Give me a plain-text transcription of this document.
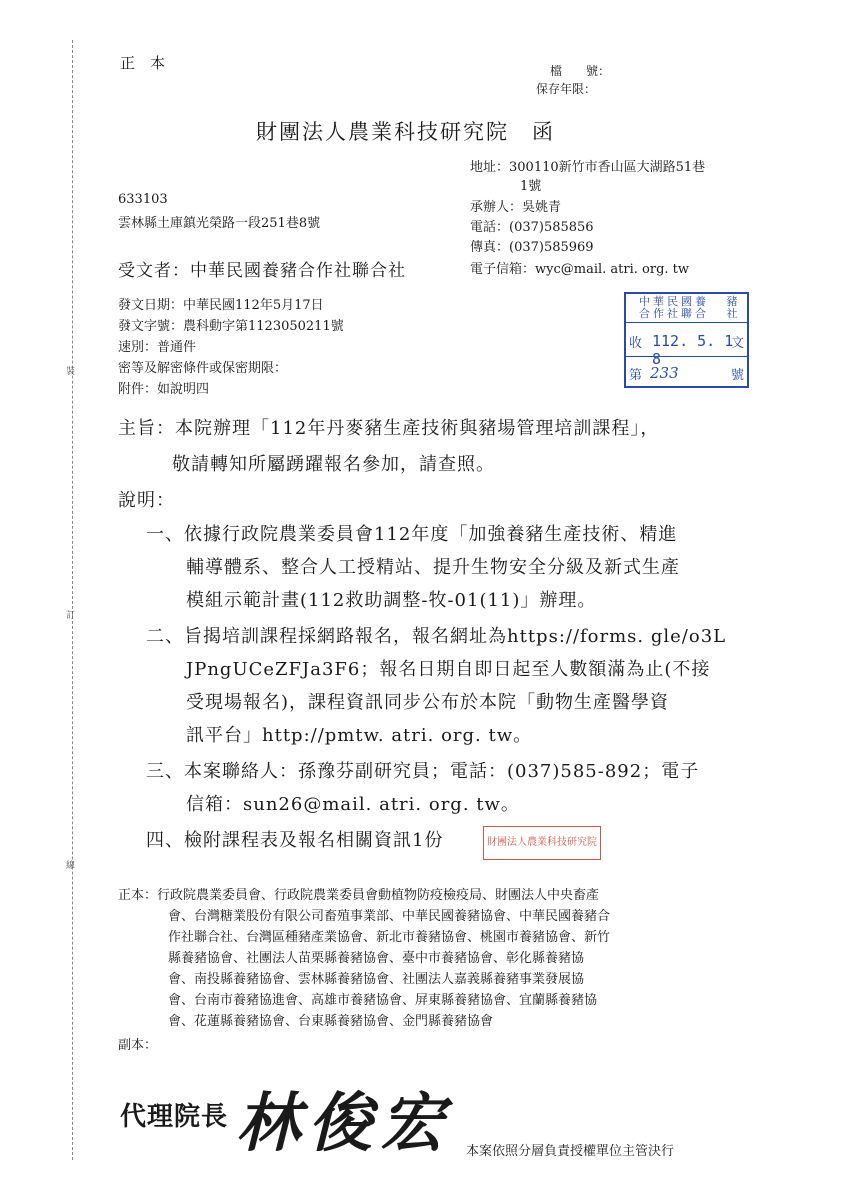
裝
訂
線
正　本	檔　　號：
保存年限：
財團法人農業科技研究院　函
地址：300110新竹市香山區大湖路51巷
1號
承辦人：吳姚青
電話：(037)585856
傳真：(037)585969
電子信箱：wyc@mail. atri. org. tw
633103
雲林縣土庫鎮光榮路一段251巷8號
受文者：中華民國養豬合作社聯合社
發文日期：中華民國112年5月17日
發文字號：農科動字第1123050211號
速別：普通件
密等及解密條件或保密期限：
附件：如說明四
中華民國養
合作社聯合
豬
社
收 112. 5. 1 8
文
第 233	號
主旨：本院辦理「112年丹麥豬生產技術與豬場管理培訓課程」，
敬請轉知所屬踴躍報名參加，請查照。
說明：
一、依據行政院農業委員會112年度「加強養豬生產技術、精進
輔導體系、整合人工授精站、提升生物安全分級及新式生產
模組示範計畫(112救助調整-牧-01(11)」辦理。
二、旨揭培訓課程採網路報名，報名網址為https://forms. gle/o3L
JPngUCeZFJa3F6；報名日期自即日起至人數額滿為止(不接
受現場報名)，課程資訊同步公布於本院「動物生產醫學資
訊平台」http://pmtw. atri. org. tw。
三、本案聯絡人：孫豫芬副研究員；電話：(037)585-892；電子
信箱：sun26@mail. atri. org. tw。
四、檢附課程表及報名相關資訊1份	財團法人農業科技研究院
正本：行政院農業委員會、行政院農業委員會動植物防疫檢疫局、財團法人中央畜產
會、台灣糖業股份有限公司畜殖事業部、中華民國養豬協會、中華民國養豬合
作社聯合社、台灣區種豬產業協會、新北市養豬協會、桃園市養豬協會、新竹
縣養豬協會、社團法人苗栗縣養豬協會、臺中市養豬協會、彰化縣養豬協
會、南投縣養豬協會、雲林縣養豬協會、社團法人嘉義縣養豬事業發展協
會、台南市養豬協進會、高雄市養豬協會、屏東縣養豬協會、宜蘭縣養豬協
會、花蓮縣養豬協會、台東縣養豬協會、金門縣養豬協會
副本：
代理院長 林俊宏 本案依照分層負責授權單位主管決行
